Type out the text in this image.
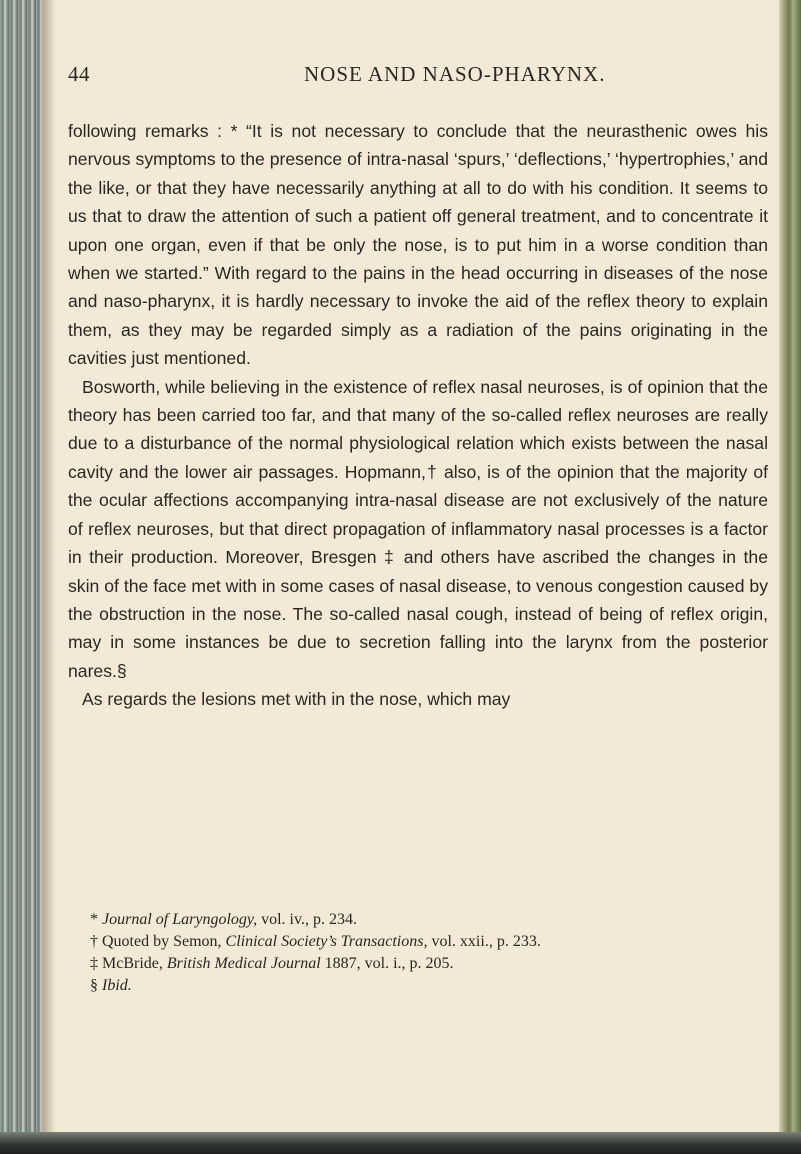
44	NOSE AND NASO-PHARYNX.

following remarks : * “It is not necessary to conclude that the neurasthenic owes his nervous symptoms to the presence of intra-nasal ‘spurs,’ ‘deflections,’ ‘hypertrophies,’ and the like, or that they have necessarily anything at all to do with his condition. It seems to us that to draw the attention of such a patient off general treatment, and to concentrate it upon one organ, even if that be only the nose, is to put him in a worse condition than when we started.” With regard to the pains in the head occurring in diseases of the nose and naso-pharynx, it is hardly necessary to invoke the aid of the reflex theory to explain them, as they may be regarded simply as a radiation of the pains originating in the cavities just mentioned.

Bosworth, while believing in the existence of reflex nasal neuroses, is of opinion that the theory has been carried too far, and that many of the so-called reflex neuroses are really due to a disturbance of the normal physiological relation which exists between the nasal cavity and the lower air passages. Hopmann,† also, is of the opinion that the majority of the ocular affections accompanying intra-nasal disease are not exclusively of the nature of reflex neuroses, but that direct propagation of inflammatory nasal processes is a factor in their production. Moreover, Bresgen ‡ and others have ascribed the changes in the skin of the face met with in some cases of nasal disease, to venous congestion caused by the obstruction in the nose. The so-called nasal cough, instead of being of reflex origin, may in some instances be due to secretion falling into the larynx from the posterior nares.§

As regards the lesions met with in the nose, which may

* Journal of Laryngology, vol. iv., p. 234.

† Quoted by Semon, Clinical Society’s Transactions, vol. xxii., p. 233.

‡ McBride, British Medical Journal 1887, vol. i., p. 205.

§ Ibid.
